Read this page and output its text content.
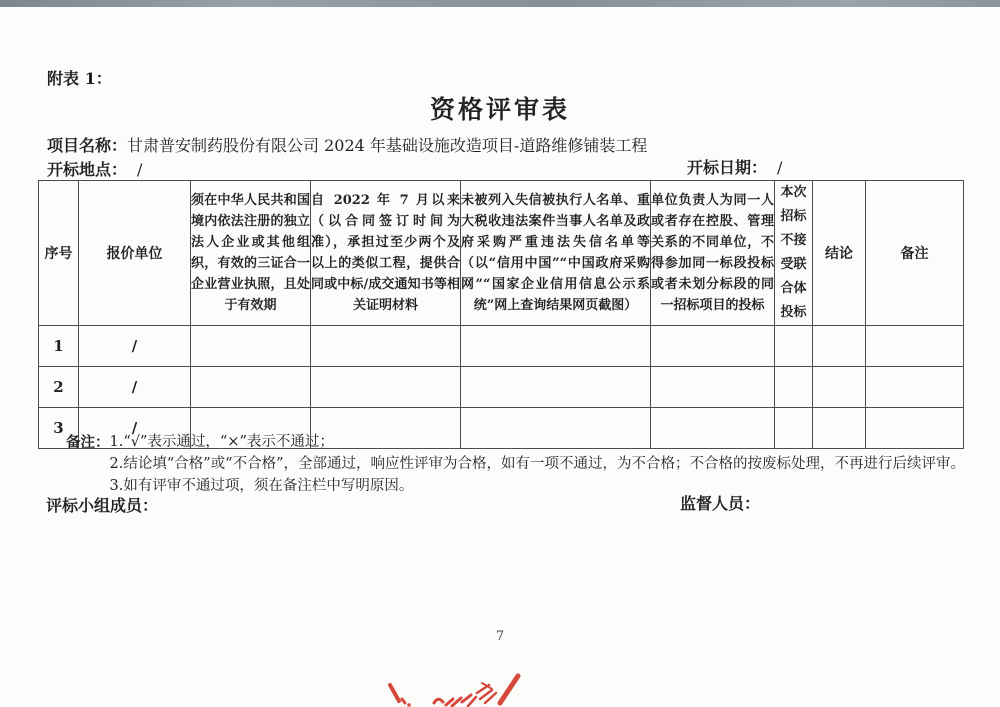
附表 1：
资格评审表
项目名称：甘肃普安制药股份有限公司 2024 年基础设施改造项目-道路维修铺装工程
开标地点： /	开标日期： /
序号	报价单位	须在中华人民共和国境内依法注册的独立法人企业或其他组织，有效的三证合一企业营业执照，且处于有效期	自 2022 年 7 月以来（以合同签订时间为准），承担过至少两个及以上的类似工程，提供合同或中标/成交通知书等相关证明材料	未被列入失信被执行人名单、重大税收违法案件当事人名单及政府采购严重违法失信名单等（以“信用中国”“中国政府采购网”“国家企业信用信息公示系统”网上查询结果网页截图）	单位负责人为同一人或者存在控股、管理关系的不同单位，不得参加同一标段投标或者未划分标段的同一招标项目的投标	本次招标不接受联合体投标	结论	备注
1	/							
2	/							
3	/							
备注： 1.“√”表示通过，“×”表示不通过；
2.结论填“合格”或“不合格”，全部通过，响应性评审为合格，如有一项不通过，为不合格；不合格的按废标处理，不再进行后续评审。
3.如有评审不通过项，须在备注栏中写明原因。
评标小组成员：	监督人员：
7
